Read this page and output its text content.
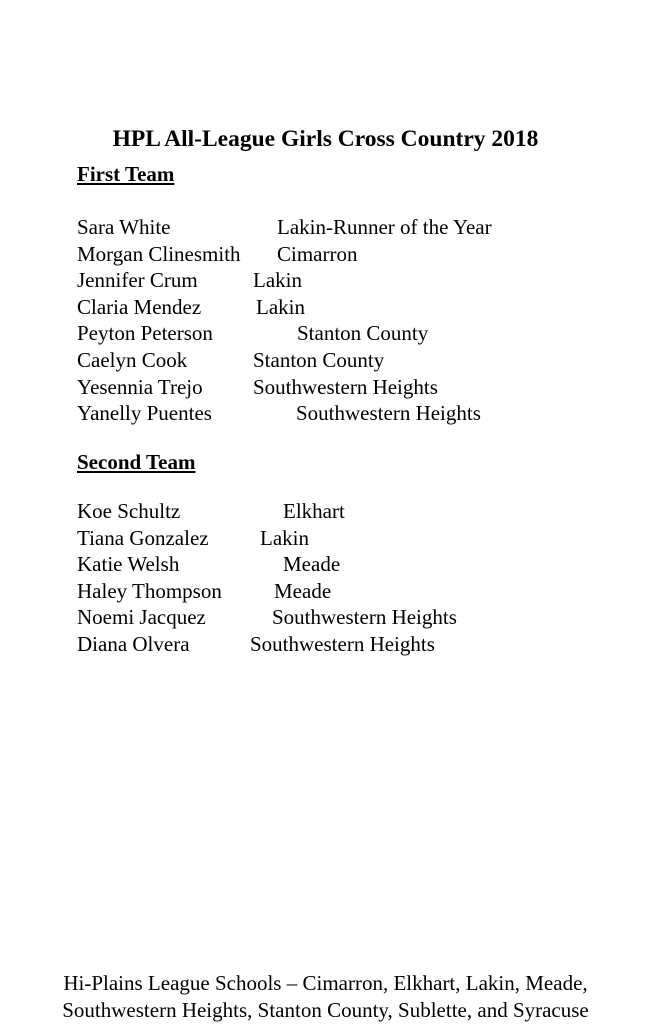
HPL All-League Girls Cross Country 2018
First Team
Sara White	Lakin-Runner of the Year
Morgan Clinesmith Cimarron
Jennifer Crum	Lakin
Claria Mendez	Lakin
Peyton Peterson	Stanton County
Caelyn Cook	Stanton County
Yesennia Trejo Southwestern Heights
Yanelly Puentes	Southwestern Heights
Second Team
Koe Schultz	Elkhart
Tiana Gonzalez Lakin
Katie Welsh	Meade
Haley Thompson Meade
Noemi Jacquez	Southwestern Heights
Diana Olvera	Southwestern Heights
Hi-Plains League Schools – Cimarron, Elkhart, Lakin, Meade,
Southwestern Heights, Stanton County, Sublette, and Syracuse
